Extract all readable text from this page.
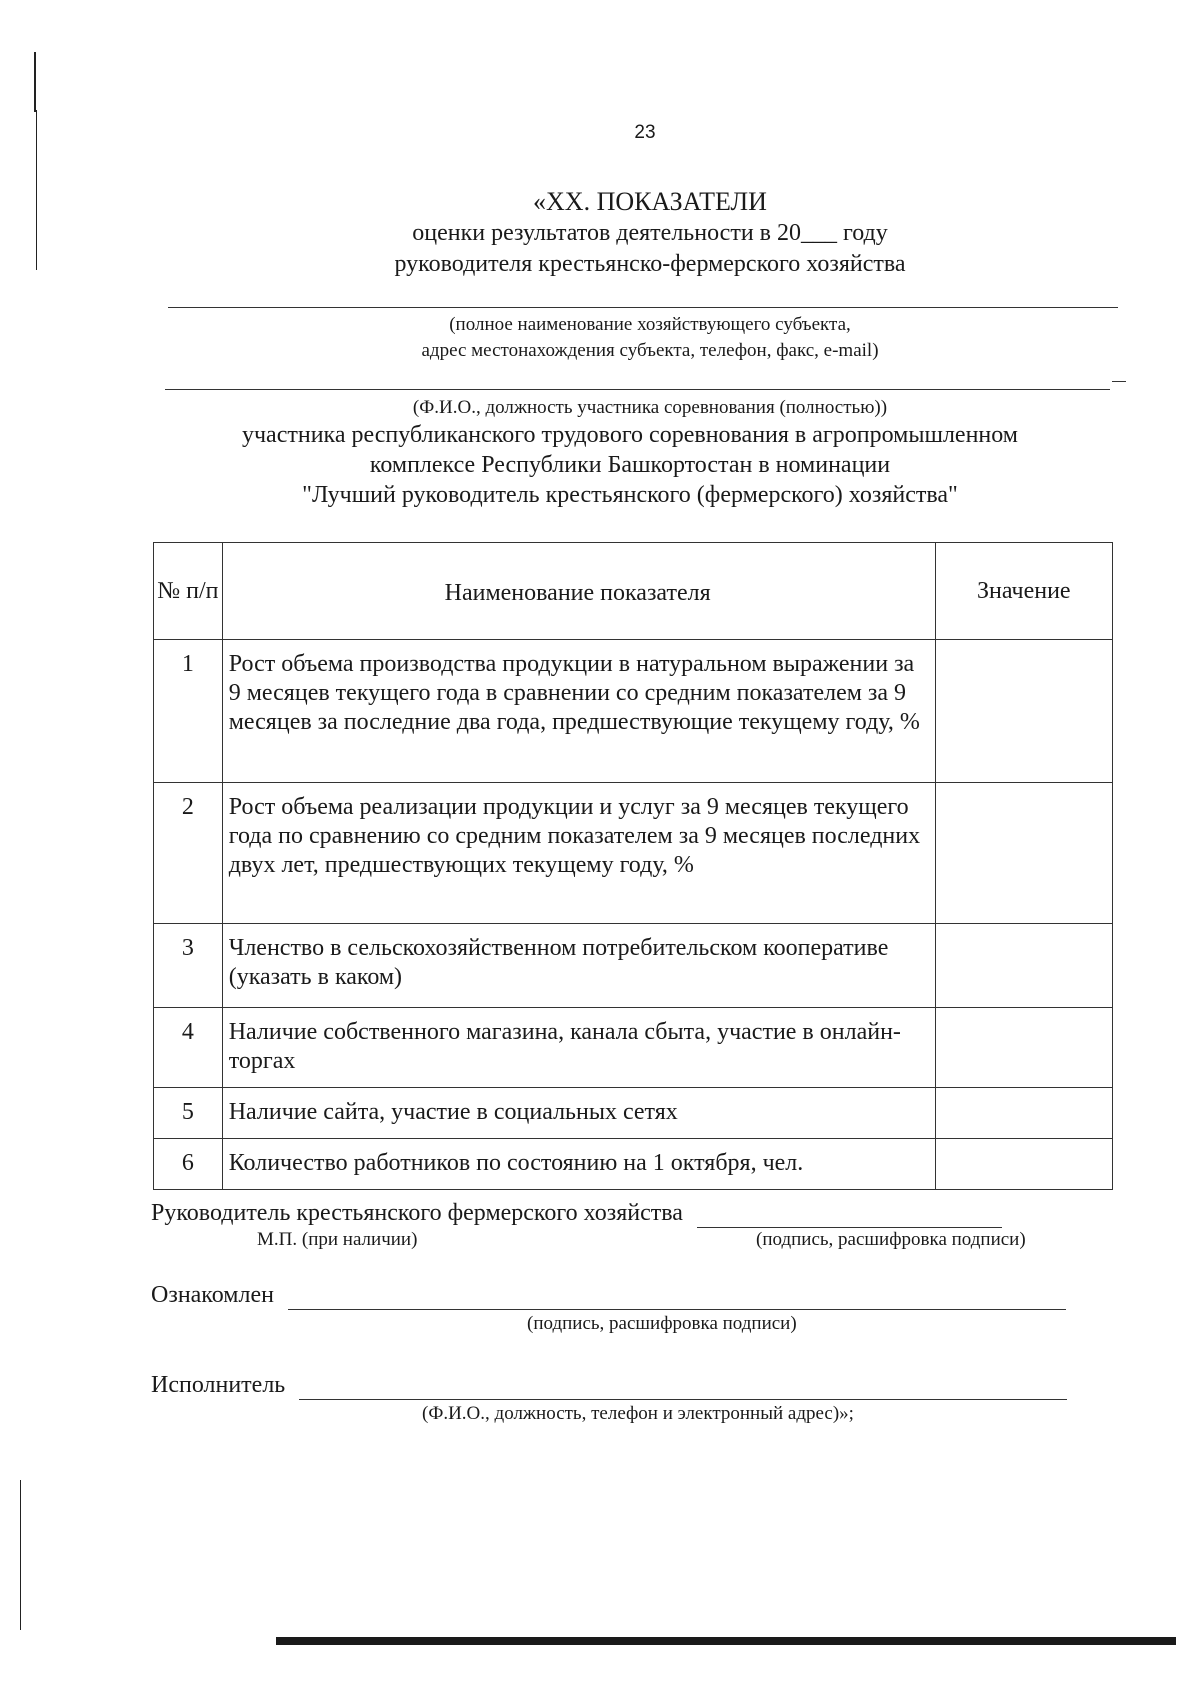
23
«XX. ПОКАЗАТЕЛИ
оценки результатов деятельности в 20___ году
руководителя крестьянско-фермерского хозяйства
(полное наименование хозяйствующего субъекта,
адрес местонахождения субъекта, телефон, факс, e-mail)
(Ф.И.О., должность участника соревнования (полностью))
участника республиканского трудового соревнования в агропромышленном
комплексе Республики Башкортостан в номинации
"Лучший руководитель крестьянского (фермерского) хозяйства"
№ п/п	Наименование показателя	Значение
1	Рост объема производства продукции в натуральном выражении за 9 месяцев текущего года в сравнении со средним показателем за 9 месяцев за последние два года, предшествующие текущему году, %	
2	Рост объема реализации продукции и услуг за 9 месяцев текущего года по сравнению со средним показателем за 9 месяцев последних двух лет, предшествующих текущему году, %	
3	Членство в сельскохозяйственном потребительском кооперативе (указать в каком)	
4	Наличие собственного магазина, канала сбыта, участие в онлайн-торгах	
5	Наличие сайта, участие в социальных сетях	
6	Количество работников по состоянию на 1 октября, чел.	
Руководитель крестьянского фермерского хозяйства
М.П. (при наличии)	(подпись, расшифровка подписи)
Ознакомлен
(подпись, расшифровка подписи)
Исполнитель
(Ф.И.О., должность, телефон и электронный адрес)»;
